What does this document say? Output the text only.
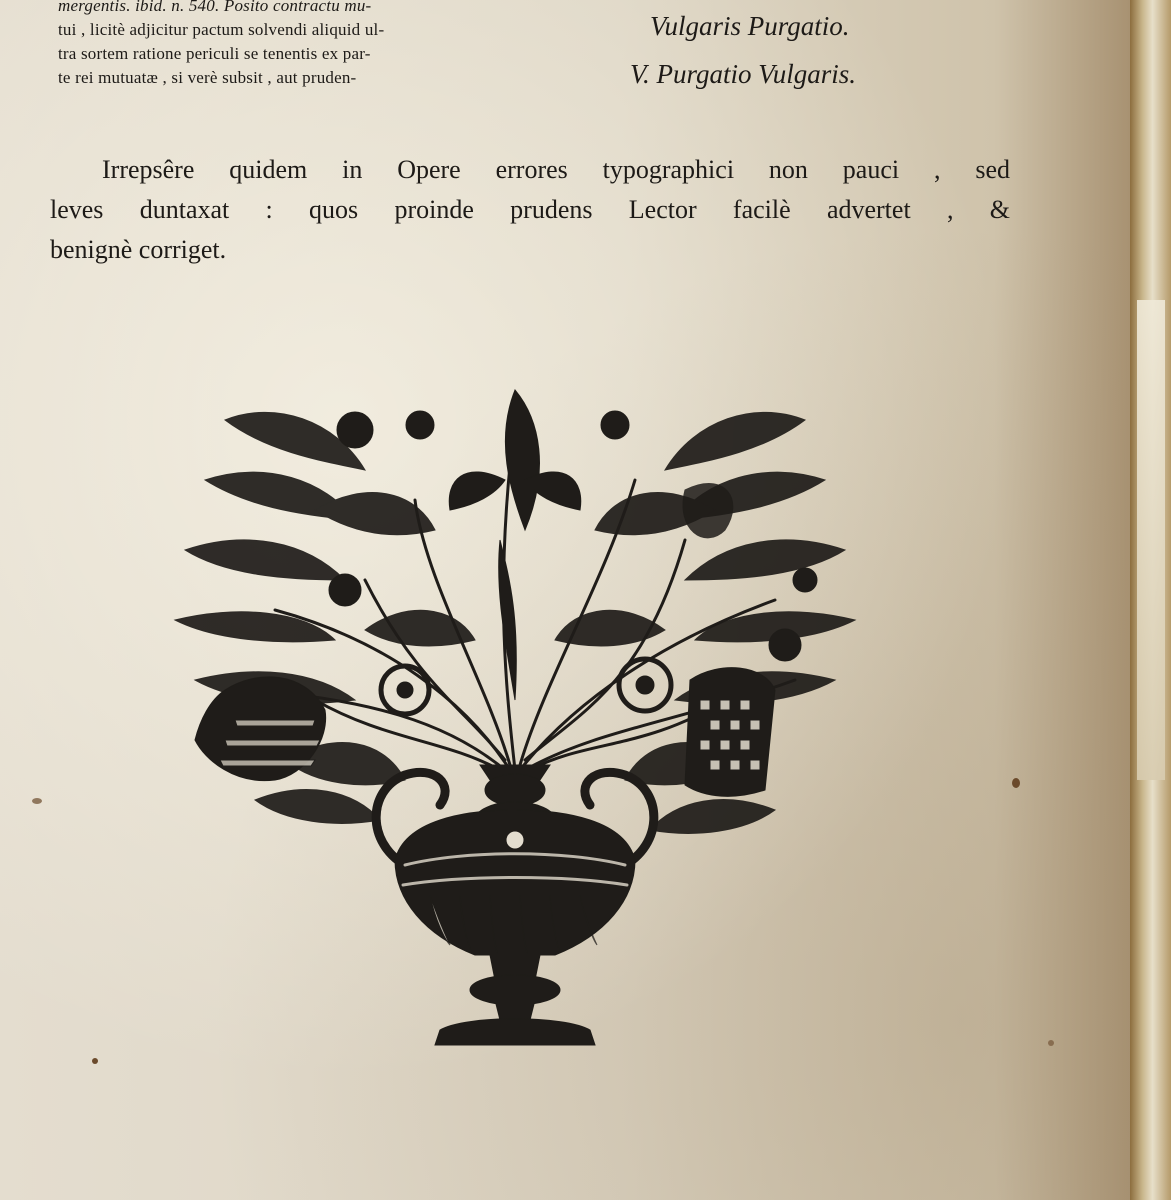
mergentis. ibid. n. 540. Posito contractu mu-
tui , licitè adjicitur pactum solvendi aliquid ul-
tra sortem ratione periculi se tenentis ex par-
te rei mutuatæ , si verè subsit , aut pruden-
Vulgaris Purgatio.
V. Purgatio Vulgaris.
Irrepsêre quidem in Opere errores typographici non pauci , sed
leves duntaxat : quos proinde prudens Lector facilè advertet , &
benignè corriget.
